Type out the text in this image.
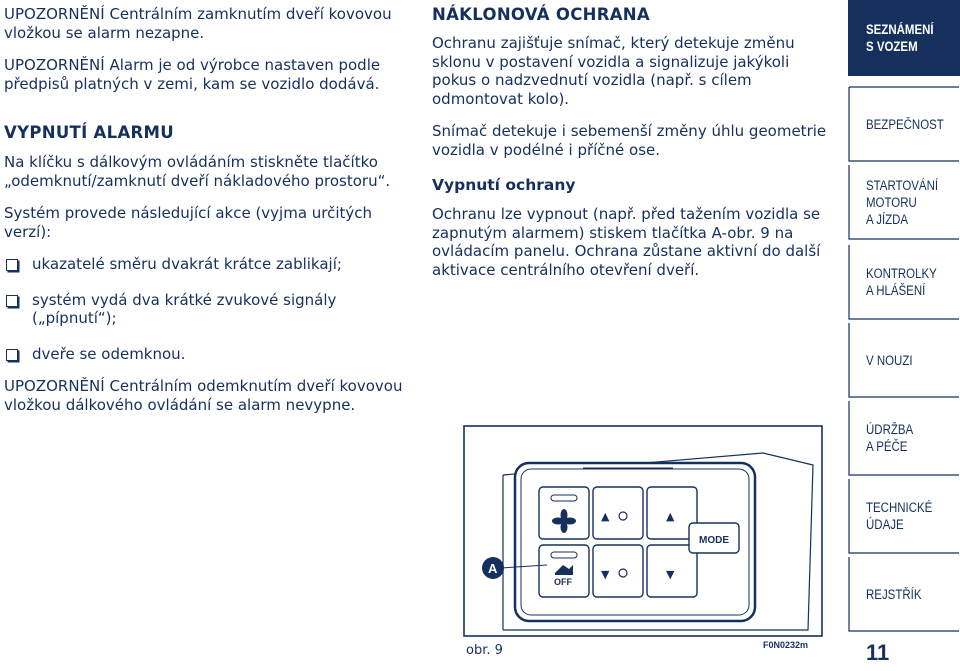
UPOZORNĚNÍ Centrálním zamknutím dveří kovovou vložkou se alarm nezapne.

UPOZORNĚNÍ Alarm je od výrobce nastaven podle předpisů platných v zemi, kam se vozidlo dodává.

VYPNUTÍ ALARMU

Na klíčku s dálkovým ovládáním stiskněte tlačítko „odemknutí/zamknutí dveří nákladového prostoru“.

Systém provede následující akce (vyjma určitých verzí):

ukazatelé směru dvakrát krátce zablikají;

systém vydá dva krátké zvukové signály („pípnutí“);

dveře se odemknou.

UPOZORNĚNÍ Centrálním odemknutím dveří kovovou vložkou dálkového ovládání se alarm nevypne.

NÁKLONOVÁ OCHRANA

Ochranu zajišťuje snímač, který detekuje změnu sklonu v postavení vozidla a signalizuje jakýkoli pokus o nadzvednutí vozidla (např. s cílem odmontovat kolo).

Snímač detekuje i sebemenší změny úhlu geometrie vozidla v podélné i příčné ose.

Vypnutí ochrany

Ochranu lze vypnout (např. před tažením vozidla se zapnutým alarmem) stiskem tlačítka A-obr. 9 na ovládacím panelu. Ochrana zůstane aktivní do další aktivace centrálního otevření dveří.

OFF
▲
▼
▲
▼
MODE
A
obr. 9	F0N0232m
SEZNÁMENÍ
S VOZEM
BEZPEČNOST
STARTOVÁNÍ
MOTORU
A JÍZDA
KONTROLKY
A HLÁŠENÍ
V NOUZI
ÚDRŽBA
A PÉČE
TECHNICKÉ
ÚDAJE
REJSTŘÍK
11
